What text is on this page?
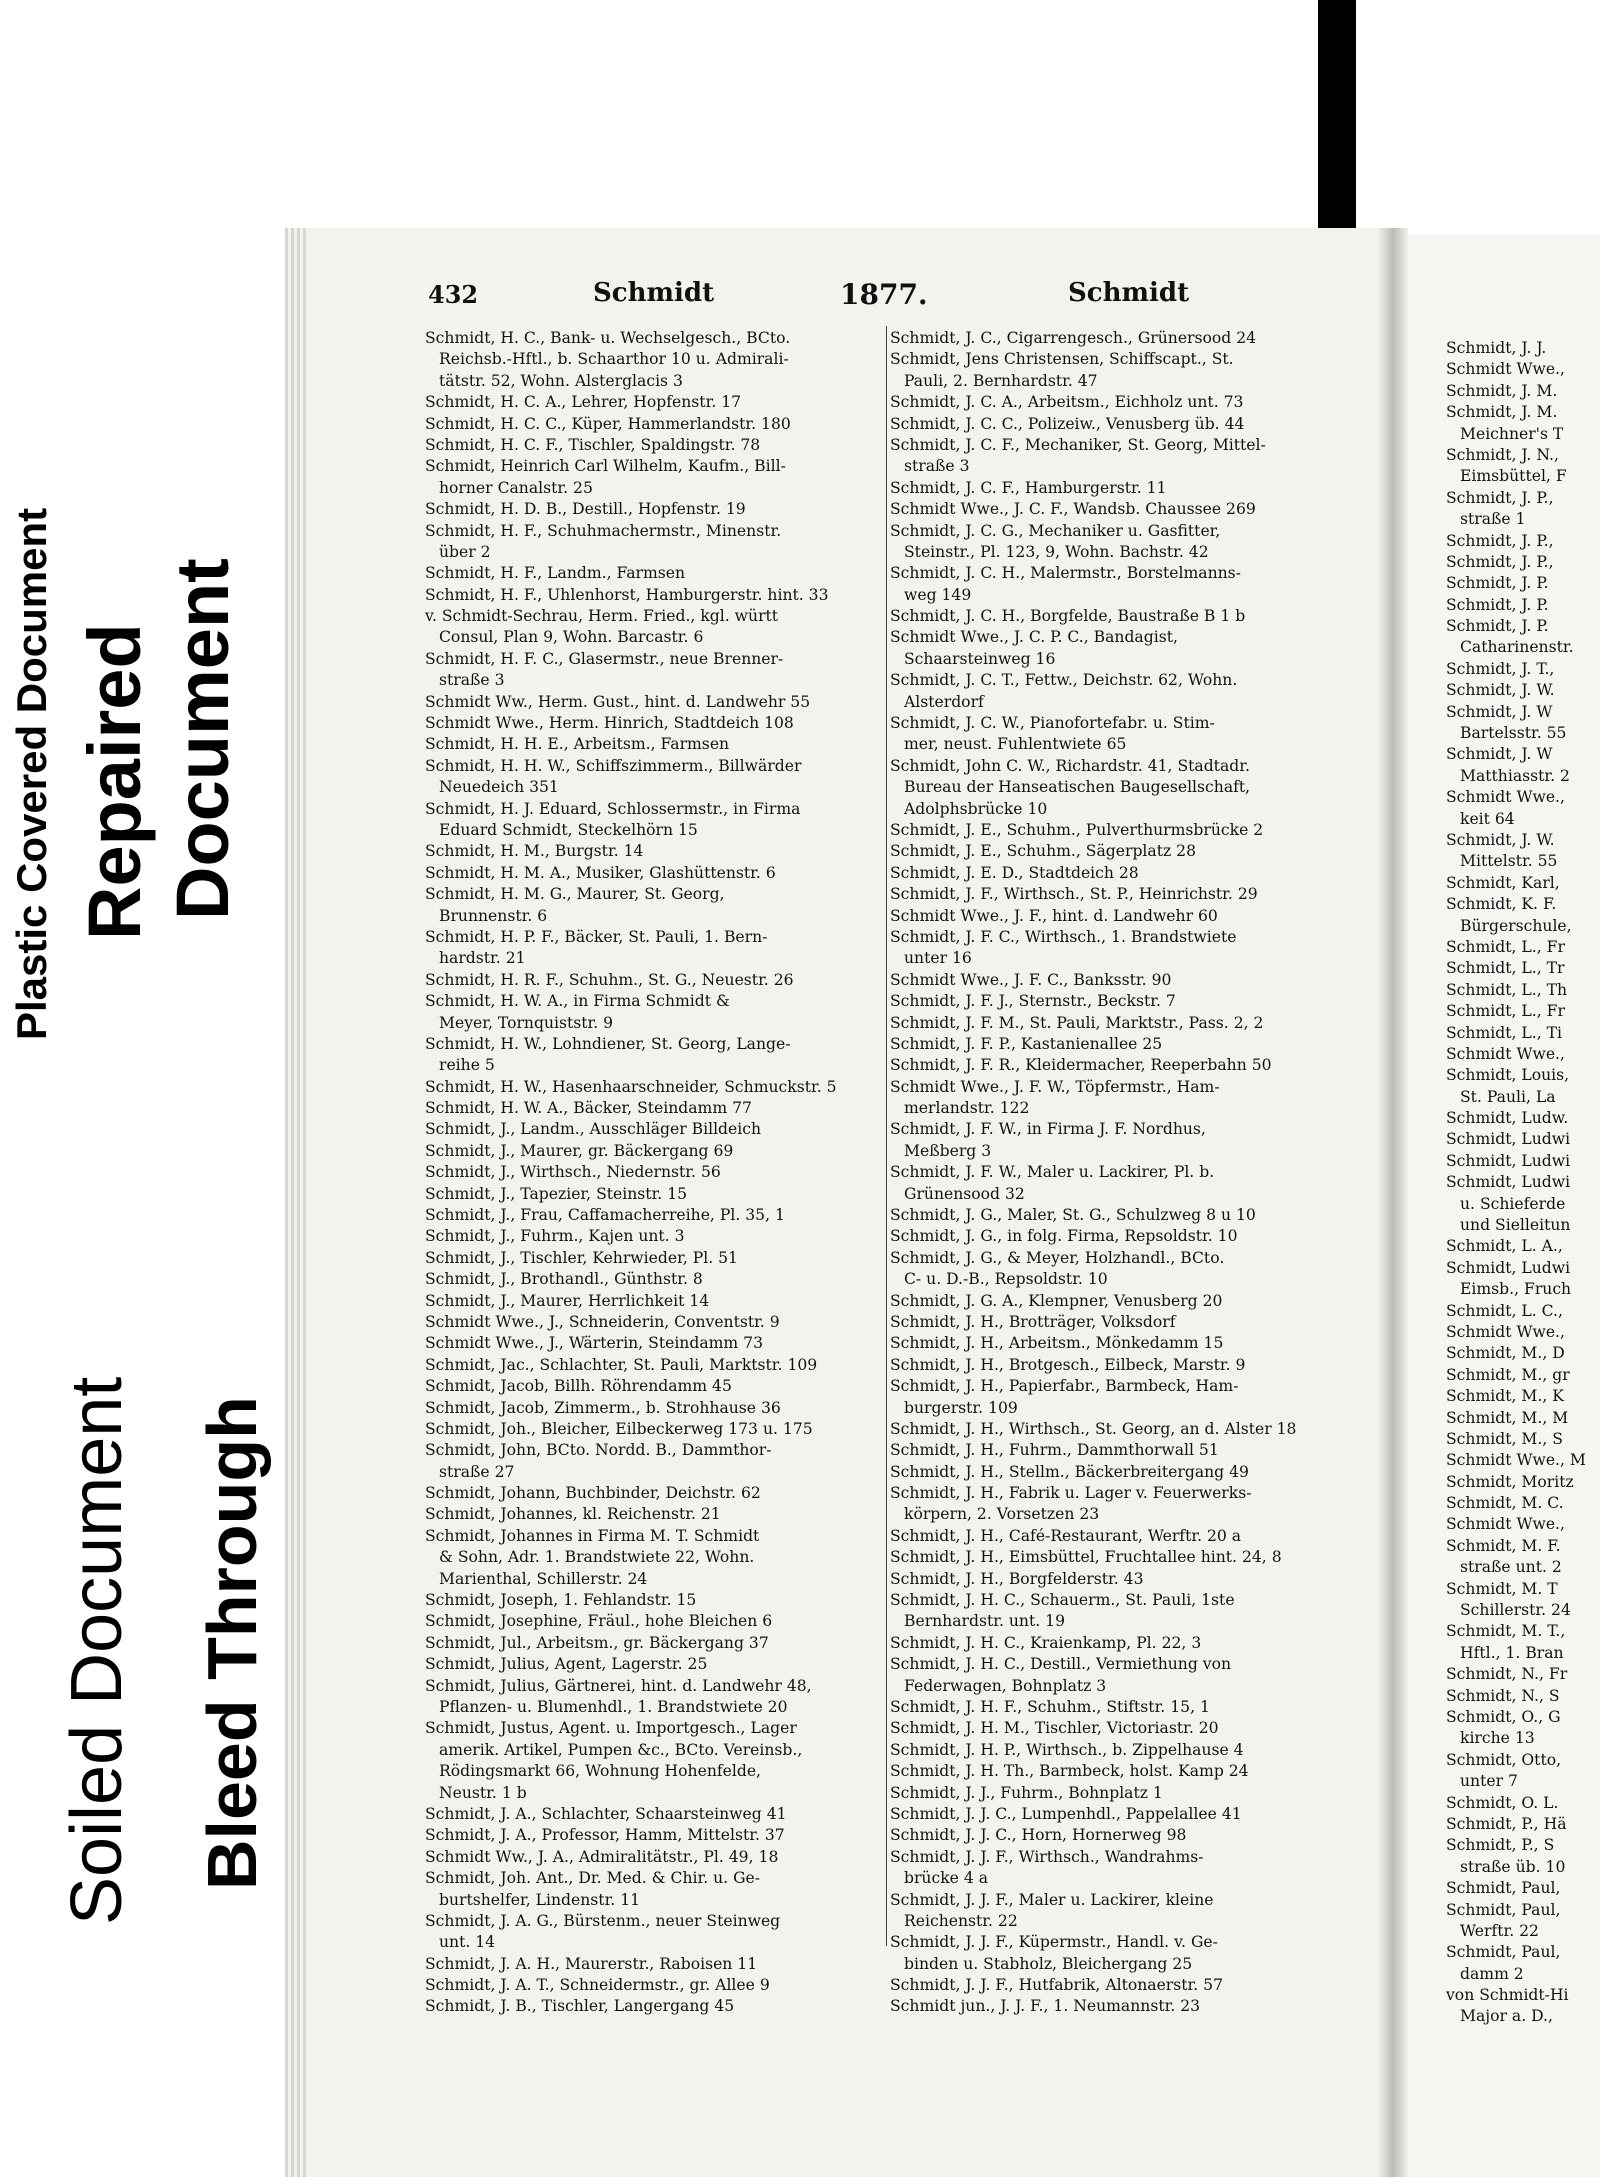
Plastic Covered Document Repaired Document
Soiled Document Bleed Through
432	Schmidt	1877.	Schmidt
Schmidt, H. C., Bank- u. Wechselgesch., BCto.
Reichsb.-Hftl., b. Schaarthor 10 u. Admirali-
tätstr. 52, Wohn. Alsterglacis 3
Schmidt, H. C. A., Lehrer, Hopfenstr. 17
Schmidt, H. C. C., Küper, Hammerlandstr. 180
Schmidt, H. C. F., Tischler, Spaldingstr. 78
Schmidt, Heinrich Carl Wilhelm, Kaufm., Bill-
horner Canalstr. 25
Schmidt, H. D. B., Destill., Hopfenstr. 19
Schmidt, H. F., Schuhmachermstr., Minenstr.
über 2
Schmidt, H. F., Landm., Farmsen
Schmidt, H. F., Uhlenhorst, Hamburgerstr. hint. 33
v. Schmidt-Sechrau, Herm. Fried., kgl. württ
Consul, Plan 9, Wohn. Barcastr. 6
Schmidt, H. F. C., Glasermstr., neue Brenner-
straße 3
Schmidt Ww., Herm. Gust., hint. d. Landwehr 55
Schmidt Wwe., Herm. Hinrich, Stadtdeich 108
Schmidt, H. H. E., Arbeitsm., Farmsen
Schmidt, H. H. W., Schiffszimmerm., Billwärder
Neuedeich 351
Schmidt, H. J. Eduard, Schlossermstr., in Firma
Eduard Schmidt, Steckelhörn 15
Schmidt, H. M., Burgstr. 14
Schmidt, H. M. A., Musiker, Glashüttenstr. 6
Schmidt, H. M. G., Maurer, St. Georg,
Brunnenstr. 6
Schmidt, H. P. F., Bäcker, St. Pauli, 1. Bern-
hardstr. 21
Schmidt, H. R. F., Schuhm., St. G., Neuestr. 26
Schmidt, H. W. A., in Firma Schmidt &
Meyer, Tornquiststr. 9
Schmidt, H. W., Lohndiener, St. Georg, Lange-
reihe 5
Schmidt, H. W., Hasenhaarschneider, Schmuckstr. 5
Schmidt, H. W. A., Bäcker, Steindamm 77
Schmidt, J., Landm., Ausschläger Billdeich
Schmidt, J., Maurer, gr. Bäckergang 69
Schmidt, J., Wirthsch., Niedernstr. 56
Schmidt, J., Tapezier, Steinstr. 15
Schmidt, J., Frau, Caffamacherreihe, Pl. 35, 1
Schmidt, J., Fuhrm., Kajen unt. 3
Schmidt, J., Tischler, Kehrwieder, Pl. 51
Schmidt, J., Brothandl., Günthstr. 8
Schmidt, J., Maurer, Herrlichkeit 14
Schmidt Wwe., J., Schneiderin, Conventstr. 9
Schmidt Wwe., J., Wärterin, Steindamm 73
Schmidt, Jac., Schlachter, St. Pauli, Marktstr. 109
Schmidt, Jacob, Billh. Röhrendamm 45
Schmidt, Jacob, Zimmerm., b. Strohhause 36
Schmidt, Joh., Bleicher, Eilbeckerweg 173 u. 175
Schmidt, John, BCto. Nordd. B., Dammthor-
straße 27
Schmidt, Johann, Buchbinder, Deichstr. 62
Schmidt, Johannes, kl. Reichenstr. 21
Schmidt, Johannes in Firma M. T. Schmidt
& Sohn, Adr. 1. Brandstwiete 22, Wohn.
Marienthal, Schillerstr. 24
Schmidt, Joseph, 1. Fehlandstr. 15
Schmidt, Josephine, Fräul., hohe Bleichen 6
Schmidt, Jul., Arbeitsm., gr. Bäckergang 37
Schmidt, Julius, Agent, Lagerstr. 25
Schmidt, Julius, Gärtnerei, hint. d. Landwehr 48,
Pflanzen- u. Blumenhdl., 1. Brandstwiete 20
Schmidt, Justus, Agent. u. Importgesch., Lager
amerik. Artikel, Pumpen &c., BCto. Vereinsb.,
Rödingsmarkt 66, Wohnung Hohenfelde,
Neustr. 1 b
Schmidt, J. A., Schlachter, Schaarsteinweg 41
Schmidt, J. A., Professor, Hamm, Mittelstr. 37
Schmidt Ww., J. A., Admiralitätstr., Pl. 49, 18
Schmidt, Joh. Ant., Dr. Med. & Chir. u. Ge-
burtshelfer, Lindenstr. 11
Schmidt, J. A. G., Bürstenm., neuer Steinweg
unt. 14
Schmidt, J. A. H., Maurerstr., Raboisen 11
Schmidt, J. A. T., Schneidermstr., gr. Allee 9
Schmidt, J. B., Tischler, Langergang 45
Schmidt, J. C., Cigarrengesch., Grünersood 24
Schmidt, Jens Christensen, Schiffscapt., St.
Pauli, 2. Bernhardstr. 47
Schmidt, J. C. A., Arbeitsm., Eichholz unt. 73
Schmidt, J. C. C., Polizeiw., Venusberg üb. 44
Schmidt, J. C. F., Mechaniker, St. Georg, Mittel-
straße 3
Schmidt, J. C. F., Hamburgerstr. 11
Schmidt Wwe., J. C. F., Wandsb. Chaussee 269
Schmidt, J. C. G., Mechaniker u. Gasfitter,
Steinstr., Pl. 123, 9, Wohn. Bachstr. 42
Schmidt, J. C. H., Malermstr., Borstelmanns-
weg 149
Schmidt, J. C. H., Borgfelde, Baustraße B 1 b
Schmidt Wwe., J. C. P. C., Bandagist,
Schaarsteinweg 16
Schmidt, J. C. T., Fettw., Deichstr. 62, Wohn.
Alsterdorf
Schmidt, J. C. W., Pianofortefabr. u. Stim-
mer, neust. Fuhlentwiete 65
Schmidt, John C. W., Richardstr. 41, Stadtadr.
Bureau der Hanseatischen Baugesellschaft,
Adolphsbrücke 10
Schmidt, J. E., Schuhm., Pulverthurmsbrücke 2
Schmidt, J. E., Schuhm., Sägerplatz 28
Schmidt, J. E. D., Stadtdeich 28
Schmidt, J. F., Wirthsch., St. P., Heinrichstr. 29
Schmidt Wwe., J. F., hint. d. Landwehr 60
Schmidt, J. F. C., Wirthsch., 1. Brandstwiete
unter 16
Schmidt Wwe., J. F. C., Banksstr. 90
Schmidt, J. F. J., Sternstr., Beckstr. 7
Schmidt, J. F. M., St. Pauli, Marktstr., Pass. 2, 2
Schmidt, J. F. P., Kastanienallee 25
Schmidt, J. F. R., Kleidermacher, Reeperbahn 50
Schmidt Wwe., J. F. W., Töpfermstr., Ham-
merlandstr. 122
Schmidt, J. F. W., in Firma J. F. Nordhus,
Meßberg 3
Schmidt, J. F. W., Maler u. Lackirer, Pl. b.
Grünensood 32
Schmidt, J. G., Maler, St. G., Schulzweg 8 u 10
Schmidt, J. G., in folg. Firma, Repsoldstr. 10
Schmidt, J. G., & Meyer, Holzhandl., BCto.
C- u. D.-B., Repsoldstr. 10
Schmidt, J. G. A., Klempner, Venusberg 20
Schmidt, J. H., Brotträger, Volksdorf
Schmidt, J. H., Arbeitsm., Mönkedamm 15
Schmidt, J. H., Brotgesch., Eilbeck, Marstr. 9
Schmidt, J. H., Papierfabr., Barmbeck, Ham-
burgerstr. 109
Schmidt, J. H., Wirthsch., St. Georg, an d. Alster 18
Schmidt, J. H., Fuhrm., Dammthorwall 51
Schmidt, J. H., Stellm., Bäckerbreitergang 49
Schmidt, J. H., Fabrik u. Lager v. Feuerwerks-
körpern, 2. Vorsetzen 23
Schmidt, J. H., Café-Restaurant, Werftr. 20 a
Schmidt, J. H., Eimsbüttel, Fruchtallee hint. 24, 8
Schmidt, J. H., Borgfelderstr. 43
Schmidt, J. H. C., Schauerm., St. Pauli, 1ste
Bernhardstr. unt. 19
Schmidt, J. H. C., Kraienkamp, Pl. 22, 3
Schmidt, J. H. C., Destill., Vermiethung von
Federwagen, Bohnplatz 3
Schmidt, J. H. F., Schuhm., Stiftstr. 15, 1
Schmidt, J. H. M., Tischler, Victoriastr. 20
Schmidt, J. H. P., Wirthsch., b. Zippelhause 4
Schmidt, J. H. Th., Barmbeck, holst. Kamp 24
Schmidt, J. J., Fuhrm., Bohnplatz 1
Schmidt, J. J. C., Lumpenhdl., Pappelallee 41
Schmidt, J. J. C., Horn, Hornerweg 98
Schmidt, J. J. F., Wirthsch., Wandrahms-
brücke 4 a
Schmidt, J. J. F., Maler u. Lackirer, kleine
Reichenstr. 22
Schmidt, J. J. F., Küpermstr., Handl. v. Ge-
binden u. Stabholz, Bleichergang 25
Schmidt, J. J. F., Hutfabrik, Altonaerstr. 57
Schmidt jun., J. J. F., 1. Neumannstr. 23
Schmidt, J. J.
Schmidt Wwe.,
Schmidt, J. M.
Schmidt, J. M.
Meichner's T
Schmidt, J. N.,
Eimsbüttel, F
Schmidt, J. P.,
straße 1
Schmidt, J. P.,
Schmidt, J. P.,
Schmidt, J. P.
Schmidt, J. P.
Schmidt, J. P.
Catharinenstr.
Schmidt, J. T.,
Schmidt, J. W.
Schmidt, J. W
Bartelsstr. 55
Schmidt, J. W
Matthiasstr. 2
Schmidt Wwe.,
keit 64
Schmidt, J. W.
Mittelstr. 55
Schmidt, Karl,
Schmidt, K. F.
Bürgerschule,
Schmidt, L., Fr
Schmidt, L., Tr
Schmidt, L., Th
Schmidt, L., Fr
Schmidt, L., Ti
Schmidt Wwe.,
Schmidt, Louis,
St. Pauli, La
Schmidt, Ludw.
Schmidt, Ludwi
Schmidt, Ludwi
Schmidt, Ludwi
u. Schieferde
und Sielleitun
Schmidt, L. A.,
Schmidt, Ludwi
Eimsb., Fruch
Schmidt, L. C.,
Schmidt Wwe.,
Schmidt, M., D
Schmidt, M., gr
Schmidt, M., K
Schmidt, M., M
Schmidt, M., S
Schmidt Wwe., M
Schmidt, Moritz
Schmidt, M. C.
Schmidt Wwe.,
Schmidt, M. F.
straße unt. 2
Schmidt, M. T
Schillerstr. 24
Schmidt, M. T.,
Hftl., 1. Bran
Schmidt, N., Fr
Schmidt, N., S
Schmidt, O., G
kirche 13
Schmidt, Otto,
unter 7
Schmidt, O. L.
Schmidt, P., Hä
Schmidt, P., S
straße üb. 10
Schmidt, Paul,
Schmidt, Paul,
Werftr. 22
Schmidt, Paul,
damm 2
von Schmidt-Hi
Major a. D.,
